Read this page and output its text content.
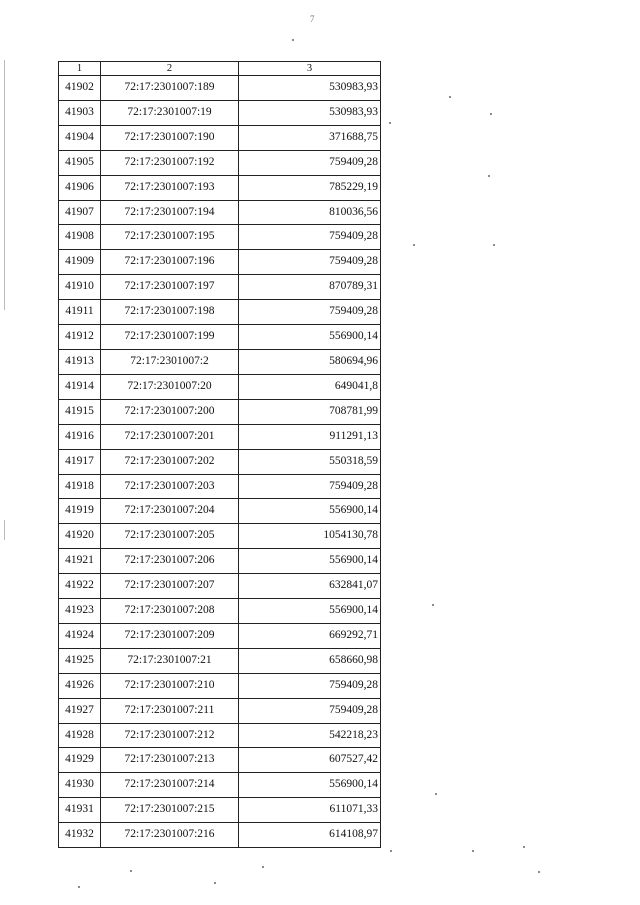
7
1	2	3
41902	72:17:2301007:189	530983,93
41903	72:17:2301007:19	530983,93
41904	72:17:2301007:190	371688,75
41905	72:17:2301007:192	759409,28
41906	72:17:2301007:193	785229,19
41907	72:17:2301007:194	810036,56
41908	72:17:2301007:195	759409,28
41909	72:17:2301007:196	759409,28
41910	72:17:2301007:197	870789,31
41911	72:17:2301007:198	759409,28
41912	72:17:2301007:199	556900,14
41913	72:17:2301007:2	580694,96
41914	72:17:2301007:20	649041,8
41915	72:17:2301007:200	708781,99
41916	72:17:2301007:201	911291,13
41917	72:17:2301007:202	550318,59
41918	72:17:2301007:203	759409,28
41919	72:17:2301007:204	556900,14
41920	72:17:2301007:205	1054130,78
41921	72:17:2301007:206	556900,14
41922	72:17:2301007:207	632841,07
41923	72:17:2301007:208	556900,14
41924	72:17:2301007:209	669292,71
41925	72:17:2301007:21	658660,98
41926	72:17:2301007:210	759409,28
41927	72:17:2301007:211	759409,28
41928	72:17:2301007:212	542218,23
41929	72:17:2301007:213	607527,42
41930	72:17:2301007:214	556900,14
41931	72:17:2301007:215	611071,33
41932	72:17:2301007:216	614108,97
